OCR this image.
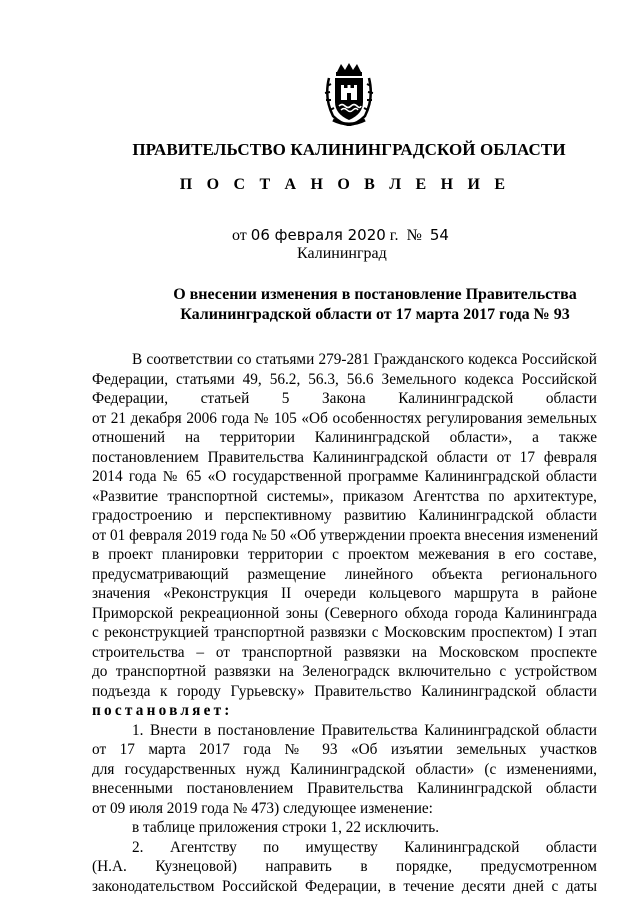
ПРАВИТЕЛЬСТВО КАЛИНИНГРАДСКОЙ ОБЛАСТИ
П О С Т А Н О В Л Е Н И Е
от 06 февраля 2020 г. № 54
Калининград
О внесении изменения в постановление Правительства
Калининградской области от 17 марта 2017 года № 93
В соответствии со статьями 279-281 Гражданского кодекса Российской
Федерации, статьями 49, 56.2, 56.3, 56.6 Земельного кодекса Российской
Федерации, статьей 5 Закона Калининградской области
от 21 декабря 2006 года № 105 «Об особенностях регулирования земельных
отношений на территории Калининградской области», а также
постановлением Правительства Калининградской области от 17 февраля
2014 года № 65 «О государственной программе Калининградской области
«Развитие транспортной системы», приказом Агентства по архитектуре,
градостроению и перспективному развитию Калининградской области
от 01 февраля 2019 года № 50 «Об утверждении проекта внесения изменений
в проект планировки территории с проектом межевания в его составе,
предусматривающий размещение линейного объекта регионального
значения «Реконструкция II очереди кольцевого маршрута в районе
Приморской рекреационной зоны (Северного обхода города Калининграда
с реконструкцией транспортной развязки с Московским проспектом) I этап
строительства – от транспортной развязки на Московском проспекте
до транспортной развязки на Зеленоградск включительно с устройством
подъезда к городу Гурьевску» Правительство Калининградской области
постановляет:
1. Внести в постановление Правительства Калининградской области
от 17 марта 2017 года № 93 «Об изъятии земельных участков
для государственных нужд Калининградской области» (с изменениями,
внесенными постановлением Правительства Калининградской области
от 09 июля 2019 года № 473) следующее изменение:
в таблице приложения строки 1, 22 исключить.
2. Агентству по имуществу Калининградской области
(Н.А. Кузнецовой) направить в порядке, предусмотренном
законодательством Российской Федерации, в течение десяти дней с даты
